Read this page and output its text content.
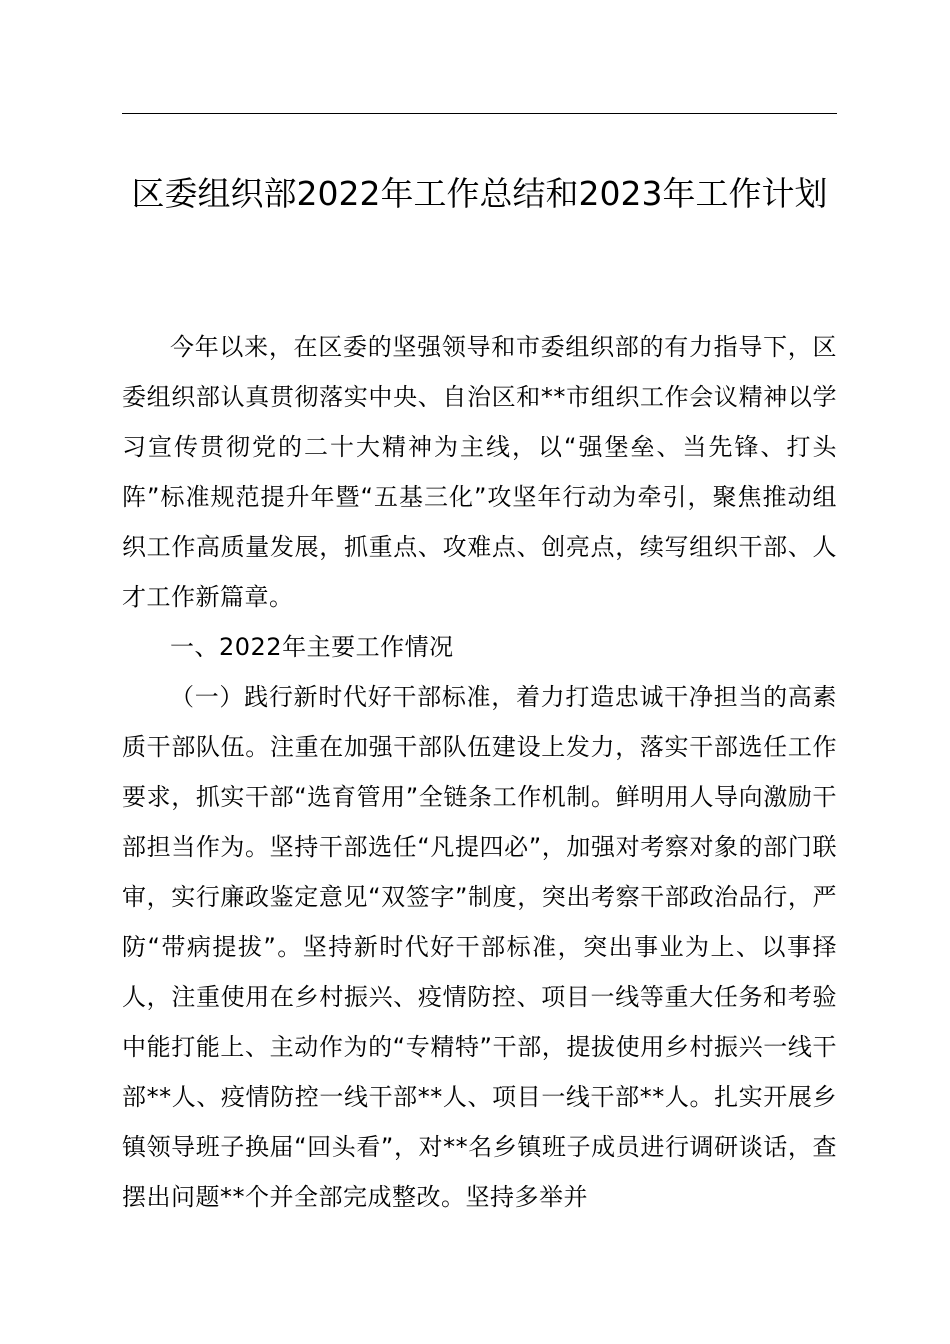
区委组织部2022年工作总结和2023年工作计划

今年以来，在区委的坚强领导和市委组织部的有力指导下，区委组织部认真贯彻落实中央、自治区和**市组织工作会议精神以学习宣传贯彻党的二十大精神为主线，以“强堡垒、当先锋、打头阵”标准规范提升年暨“五基三化”攻坚年行动为牵引，聚焦推动组织工作高质量发展，抓重点、攻难点、创亮点，续写组织干部、人才工作新篇章。

一、2022年主要工作情况

（一）践行新时代好干部标准，着力打造忠诚干净担当的高素质干部队伍。注重在加强干部队伍建设上发力，落实干部选任工作要求，抓实干部“选育管用”全链条工作机制。鲜明用人导向激励干部担当作为。坚持干部选任“凡提四必”，加强对考察对象的部门联审，实行廉政鉴定意见“双签字”制度，突出考察干部政治品行，严防“带病提拔”。坚持新时代好干部标准，突出事业为上、以事择人，注重使用在乡村振兴、疫情防控、项目一线等重大任务和考验中能打能上、主动作为的“专精特”干部，提拔使用乡村振兴一线干部**人、疫情防控一线干部**人、项目一线干部**人。扎实开展乡镇领导班子换届“回头看”，对**名乡镇班子成员进行调研谈话，查摆出问题**个并全部完成整改。坚持多举并
